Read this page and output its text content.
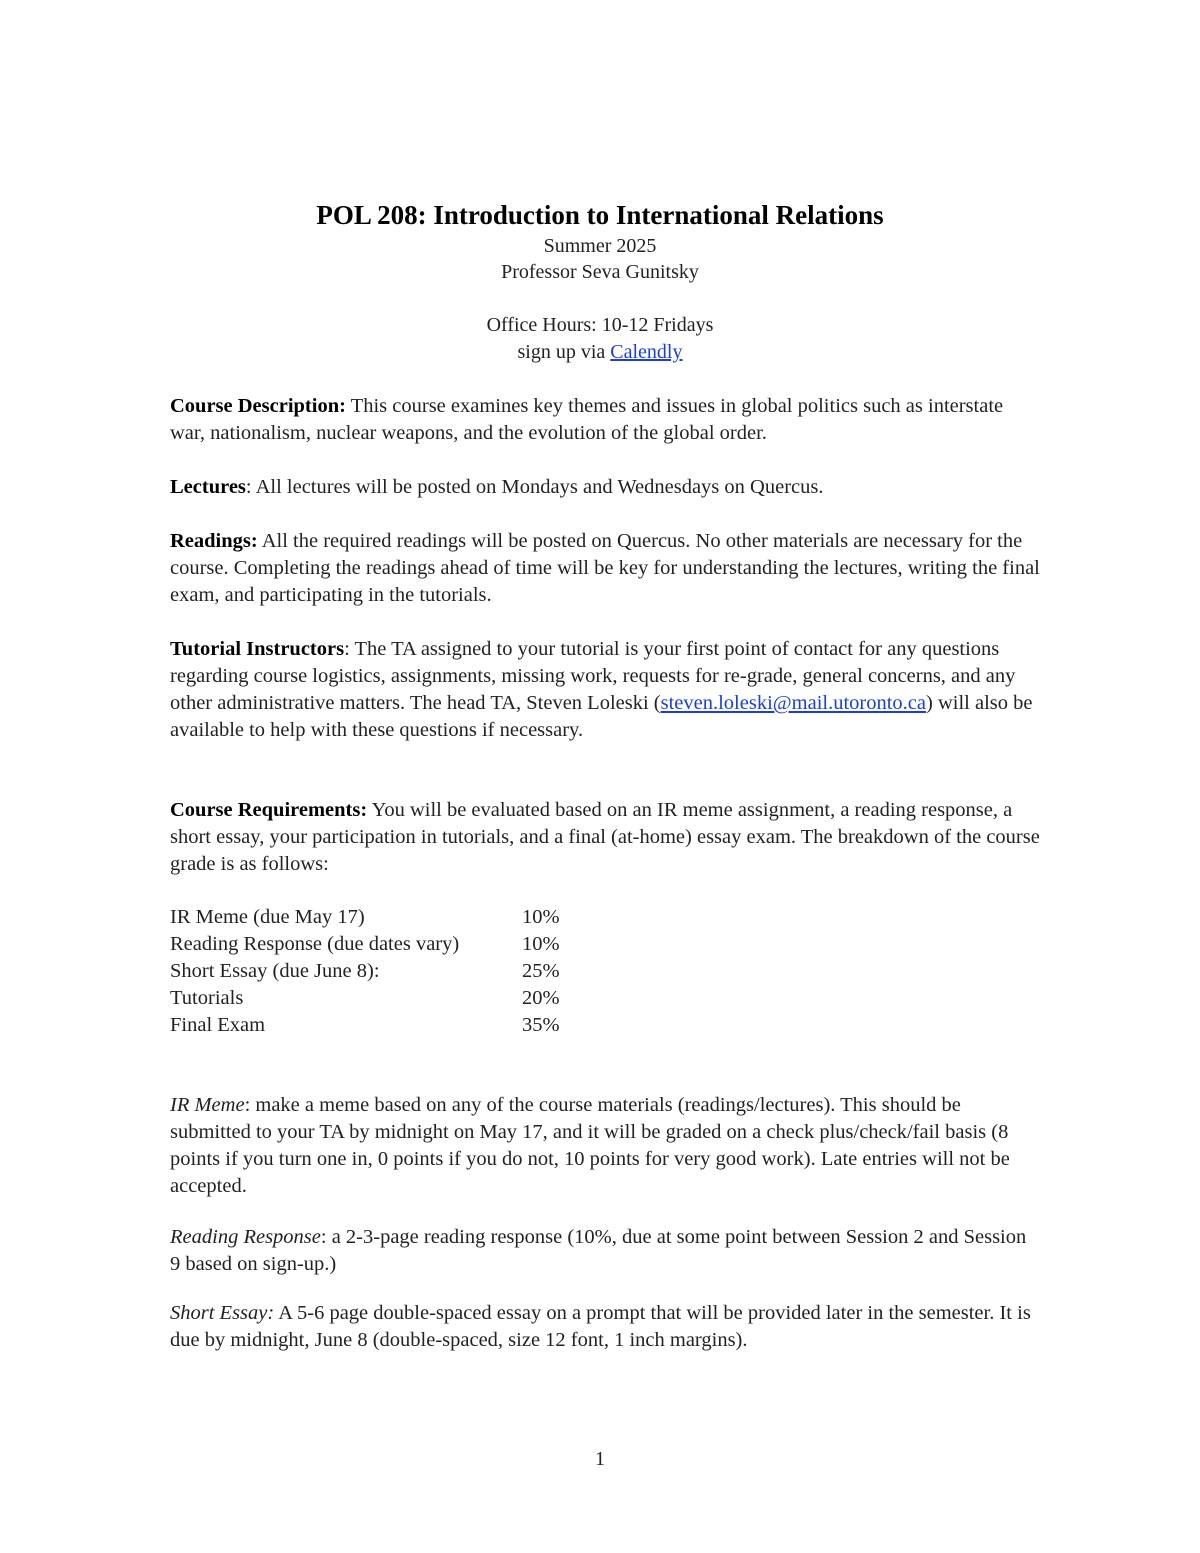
POL 208: Introduction to International Relations
Summer 2025
Professor Seva Gunitsky
Office Hours: 10-12 Fridays
sign up via Calendly

Course Description: This course examines key themes and issues in global politics such as interstate war, nationalism, nuclear weapons, and the evolution of the global order.

Lectures: All lectures will be posted on Mondays and Wednesdays on Quercus.

Readings: All the required readings will be posted on Quercus. No other materials are necessary for the course. Completing the readings ahead of time will be key for understanding the lectures, writing the final exam, and participating in the tutorials.

Tutorial Instructors: The TA assigned to your tutorial is your first point of contact for any questions regarding course logistics, assignments, missing work, requests for re-grade, general concerns, and any other administrative matters. The head TA, Steven Loleski (steven.loleski@mail.utoronto.ca) will also be available to help with these questions if necessary.

Course Requirements: You will be evaluated based on an IR meme assignment, a reading response, a short essay, your participation in tutorials, and a final (at-home) essay exam. The breakdown of the course grade is as follows:

IR Meme (due May 17)	10%
Reading Response (due dates vary)	10%
Short Essay (due June 8):	25%
Tutorials	20%
Final Exam	35%

IR Meme: make a meme based on any of the course materials (readings/lectures). This should be submitted to your TA by midnight on May 17, and it will be graded on a check plus/check/fail basis (8 points if you turn one in, 0 points if you do not, 10 points for very good work). Late entries will not be accepted.

Reading Response: a 2-3-page reading response (10%, due at some point between Session 2 and Session 9 based on sign-up.)

Short Essay: A 5-6 page double-spaced essay on a prompt that will be provided later in the semester. It is due by midnight, June 8 (double-spaced, size 12 font, 1 inch margins).

1
